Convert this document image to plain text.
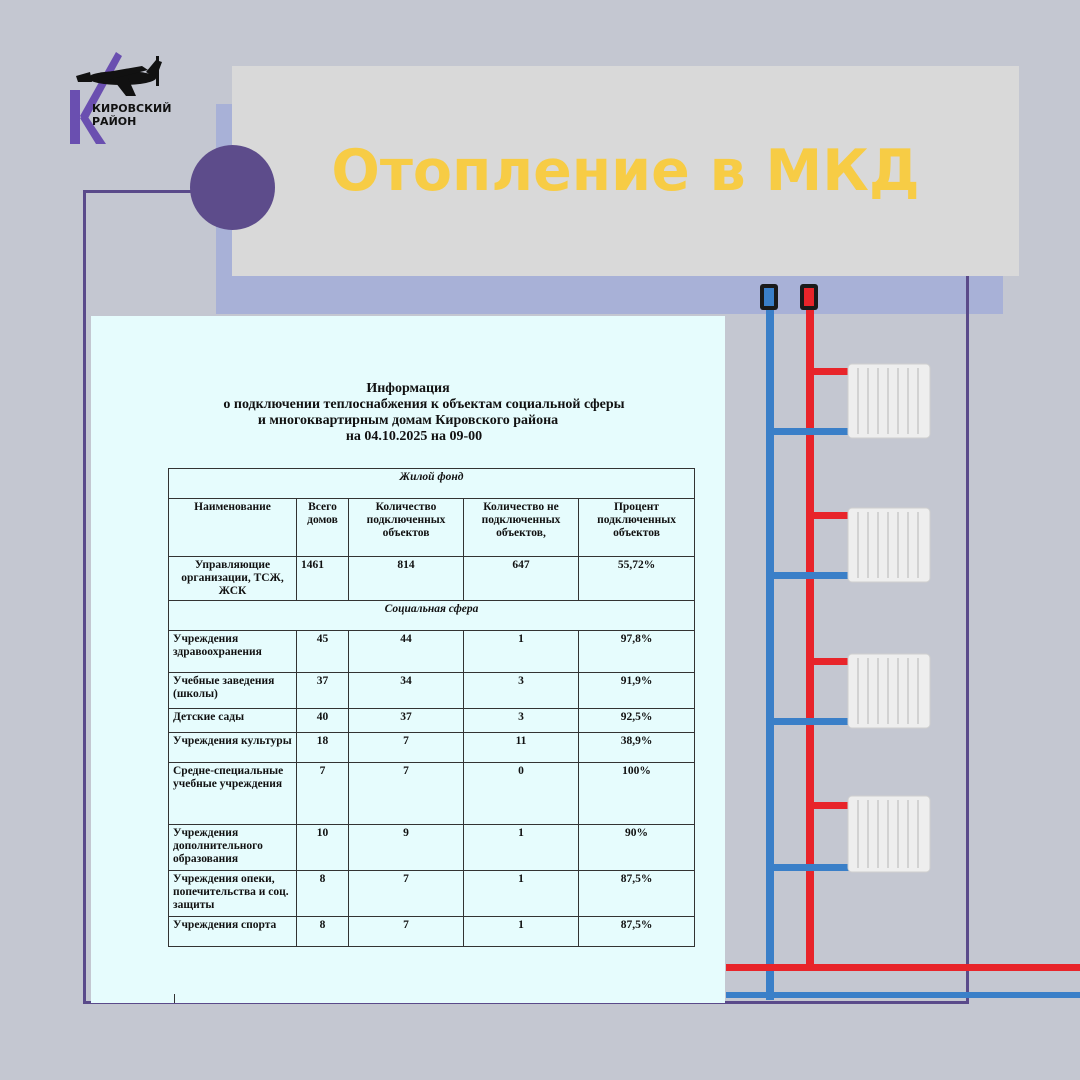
КИРОВСКИЙ
РАЙОН
Отопление в МКД
Информация
о подключении теплоснабжения к объектам социальной сферы
и многоквартирным домам Кировского района
на 04.10.2025 на 09-00
Жилой фонд				
Наименование	Всего домов	Количество подключенных объектов	Количество не подключенных объектов,	Процент подключенных объектов
Управляющие организации, ТСЖ, ЖСК	1461	814	647	55,72%
Социальная сфера				
Учреждения здравоохранения	45	44	1	97,8%
Учебные заведения (школы)	37	34	3	91,9%
Детские сады	40	37	3	92,5%
Учреждения культуры	18	7	11	38,9%
Средне-специальные учебные учреждения	7	7	0	100%
Учреждения дополнительного образования	10	9	1	90%
Учреждения опеки, попечительства и соц. защиты	8	7	1	87,5%
Учреждения спорта	8	7	1	87,5%
